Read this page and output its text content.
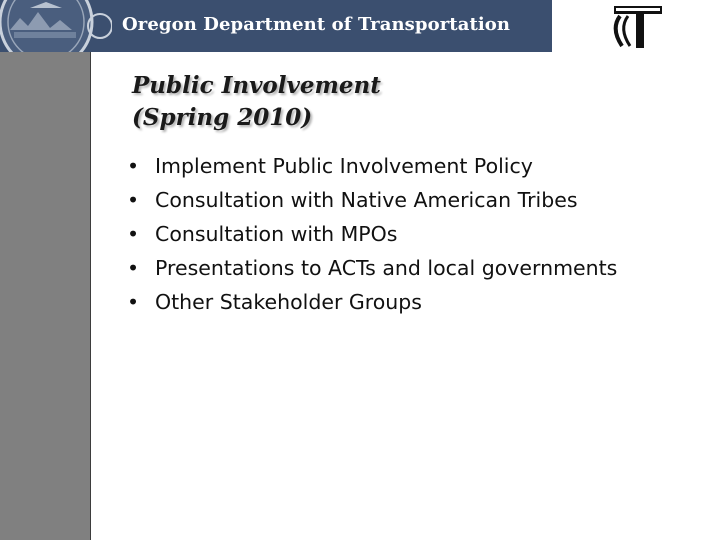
Oregon Department of Transportation
Public Involvement
(Spring 2010)
• Implement Public Involvement Policy
• Consultation with Native American Tribes
• Consultation with MPOs
• Presentations to ACTs and local governments
• Other Stakeholder Groups
